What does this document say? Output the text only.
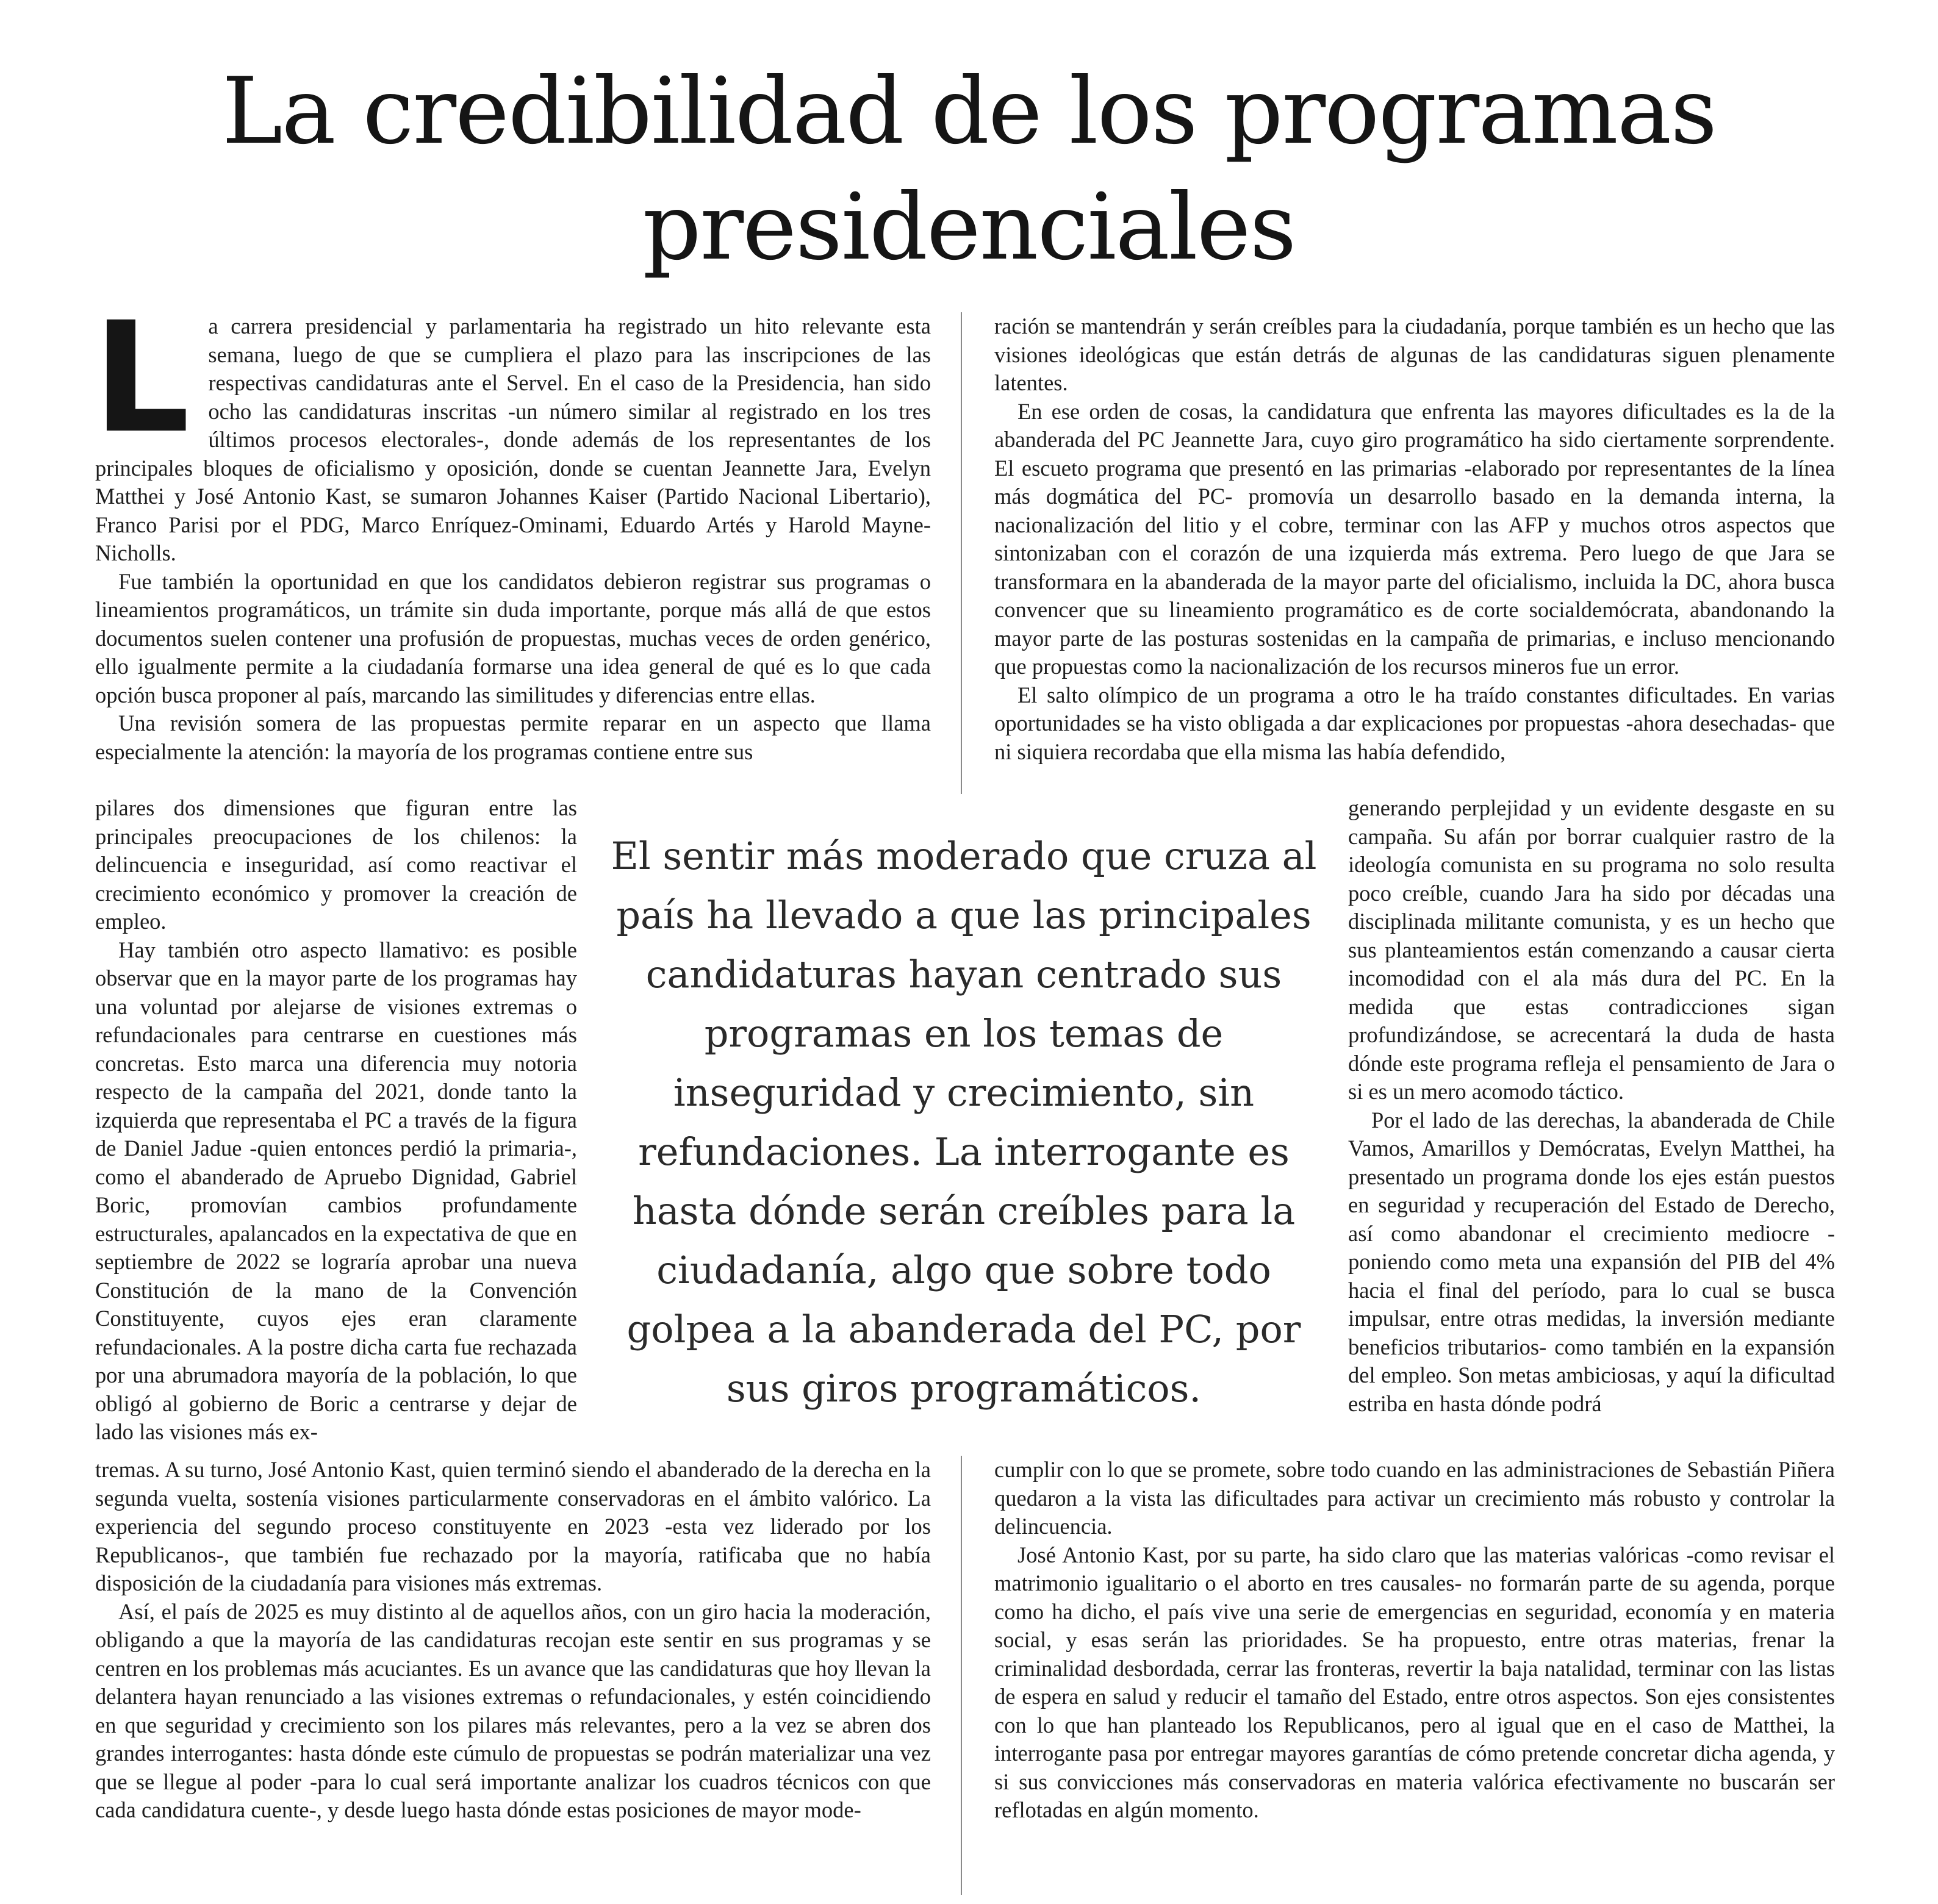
La credibilidad de los programas presidenciales
L a carrera presidencial y parlamentaria ha registrado un hito relevante esta semana, luego de que se cumpliera el plazo para las inscripciones de las respectivas candidaturas ante el Servel. En el caso de la Presidencia, han sido ocho las candidaturas inscritas -un número similar al registrado en los tres últimos procesos electorales-, donde además de los representantes de los principales bloques de oficialismo y oposición, donde se cuentan Jeannette Jara, Evelyn Matthei y José Antonio Kast, se sumaron Johannes Kaiser (Partido Nacional Libertario), Franco Parisi por el PDG, Marco Enríquez-Ominami, Eduardo Artés y Harold Mayne-Nicholls.

Fue también la oportunidad en que los candidatos debieron registrar sus programas o lineamientos programáticos, un trámite sin duda importante, porque más allá de que estos documentos suelen contener una profusión de propuestas, muchas veces de orden genérico, ello igualmente permite a la ciudadanía formarse una idea general de qué es lo que cada opción busca proponer al país, marcando las similitudes y diferencias entre ellas.

Una revisión somera de las propuestas permite reparar en un aspecto que llama especialmente la atención: la mayoría de los programas contiene entre sus

ración se mantendrán y serán creíbles para la ciudadanía, porque también es un hecho que las visiones ideológicas que están detrás de algunas de las candidaturas siguen plenamente latentes.

En ese orden de cosas, la candidatura que enfrenta las mayores dificultades es la de la abanderada del PC Jeannette Jara, cuyo giro programático ha sido ciertamente sorprendente. El escueto programa que presentó en las primarias -elaborado por representantes de la línea más dogmática del PC- promovía un desarrollo basado en la demanda interna, la nacionalización del litio y el cobre, terminar con las AFP y muchos otros aspectos que sintonizaban con el corazón de una izquierda más extrema. Pero luego de que Jara se transformara en la abanderada de la mayor parte del oficialismo, incluida la DC, ahora busca convencer que su lineamiento programático es de corte socialdemócrata, abandonando la mayor parte de las posturas sostenidas en la campaña de primarias, e incluso mencionando que propuestas como la nacionalización de los recursos mineros fue un error.

El salto olímpico de un programa a otro le ha traído constantes dificultades. En varias oportunidades se ha visto obligada a dar explicaciones por propuestas -ahora desechadas- que ni siquiera recordaba que ella misma las había defendido,

pilares dos dimensiones que figuran entre las principales preocupaciones de los chilenos: la delincuencia e inseguridad, así como reactivar el crecimiento económico y promover la creación de empleo.

Hay también otro aspecto llamativo: es posible observar que en la mayor parte de los programas hay una voluntad por alejarse de visiones extremas o refundacionales para centrarse en cuestiones más concretas. Esto marca una diferencia muy notoria respecto de la campaña del 2021, donde tanto la izquierda que representaba el PC a través de la figura de Daniel Jadue -quien entonces perdió la primaria-, como el abanderado de Apruebo Dignidad, Gabriel Boric, promovían cambios profundamente estructurales, apalancados en la expectativa de que en septiembre de 2022 se lograría aprobar una nueva Constitución de la mano de la Convención Constituyente, cuyos ejes eran claramente refundacionales. A la postre dicha carta fue rechazada por una abrumadora mayoría de la población, lo que obligó al gobierno de Boric a centrarse y dejar de lado las visiones más ex-

El sentir más moderado que cruza al país ha llevado a que las principales candidaturas hayan centrado sus programas en los temas de inseguridad y crecimiento, sin refundaciones. La interrogante es hasta dónde serán creíbles para la ciudadanía, algo que sobre todo golpea a la abanderada del PC, por sus giros programáticos.

generando perplejidad y un evidente desgaste en su campaña. Su afán por borrar cualquier rastro de la ideología comunista en su programa no solo resulta poco creíble, cuando Jara ha sido por décadas una disciplinada militante comunista, y es un hecho que sus planteamientos están comenzando a causar cierta incomodidad con el ala más dura del PC. En la medida que estas contradicciones sigan profundizándose, se acrecentará la duda de hasta dónde este programa refleja el pensamiento de Jara o si es un mero acomodo táctico.

Por el lado de las derechas, la abanderada de Chile Vamos, Amarillos y Demócratas, Evelyn Matthei, ha presentado un programa donde los ejes están puestos en seguridad y recuperación del Estado de Derecho, así como abandonar el crecimiento mediocre -poniendo como meta una expansión del PIB del 4% hacia el final del período, para lo cual se busca impulsar, entre otras medidas, la inversión mediante beneficios tributarios- como también en la expansión del empleo. Son metas ambiciosas, y aquí la dificultad estriba en hasta dónde podrá

tremas. A su turno, José Antonio Kast, quien terminó siendo el abanderado de la derecha en la segunda vuelta, sostenía visiones particularmente conservadoras en el ámbito valórico. La experiencia del segundo proceso constituyente en 2023 -esta vez liderado por los Republicanos-, que también fue rechazado por la mayoría, ratificaba que no había disposición de la ciudadanía para visiones más extremas.

Así, el país de 2025 es muy distinto al de aquellos años, con un giro hacia la moderación, obligando a que la mayoría de las candidaturas recojan este sentir en sus programas y se centren en los problemas más acuciantes. Es un avance que las candidaturas que hoy llevan la delantera hayan renunciado a las visiones extremas o refundacionales, y estén coincidiendo en que seguridad y crecimiento son los pilares más relevantes, pero a la vez se abren dos grandes interrogantes: hasta dónde este cúmulo de propuestas se podrán materializar una vez que se llegue al poder -para lo cual será importante analizar los cuadros técnicos con que cada candidatura cuente-, y desde luego hasta dónde estas posiciones de mayor mode-

cumplir con lo que se promete, sobre todo cuando en las administraciones de Sebastián Piñera quedaron a la vista las dificultades para activar un crecimiento más robusto y controlar la delincuencia.

José Antonio Kast, por su parte, ha sido claro que las materias valóricas -como revisar el matrimonio igualitario o el aborto en tres causales- no formarán parte de su agenda, porque como ha dicho, el país vive una serie de emergencias en seguridad, economía y en materia social, y esas serán las prioridades. Se ha propuesto, entre otras materias, frenar la criminalidad desbordada, cerrar las fronteras, revertir la baja natalidad, terminar con las listas de espera en salud y reducir el tamaño del Estado, entre otros aspectos. Son ejes consistentes con lo que han planteado los Republicanos, pero al igual que en el caso de Matthei, la interrogante pasa por entregar mayores garantías de cómo pretende concretar dicha agenda, y si sus convicciones más conservadoras en materia valórica efectivamente no buscarán ser reflotadas en algún momento.
